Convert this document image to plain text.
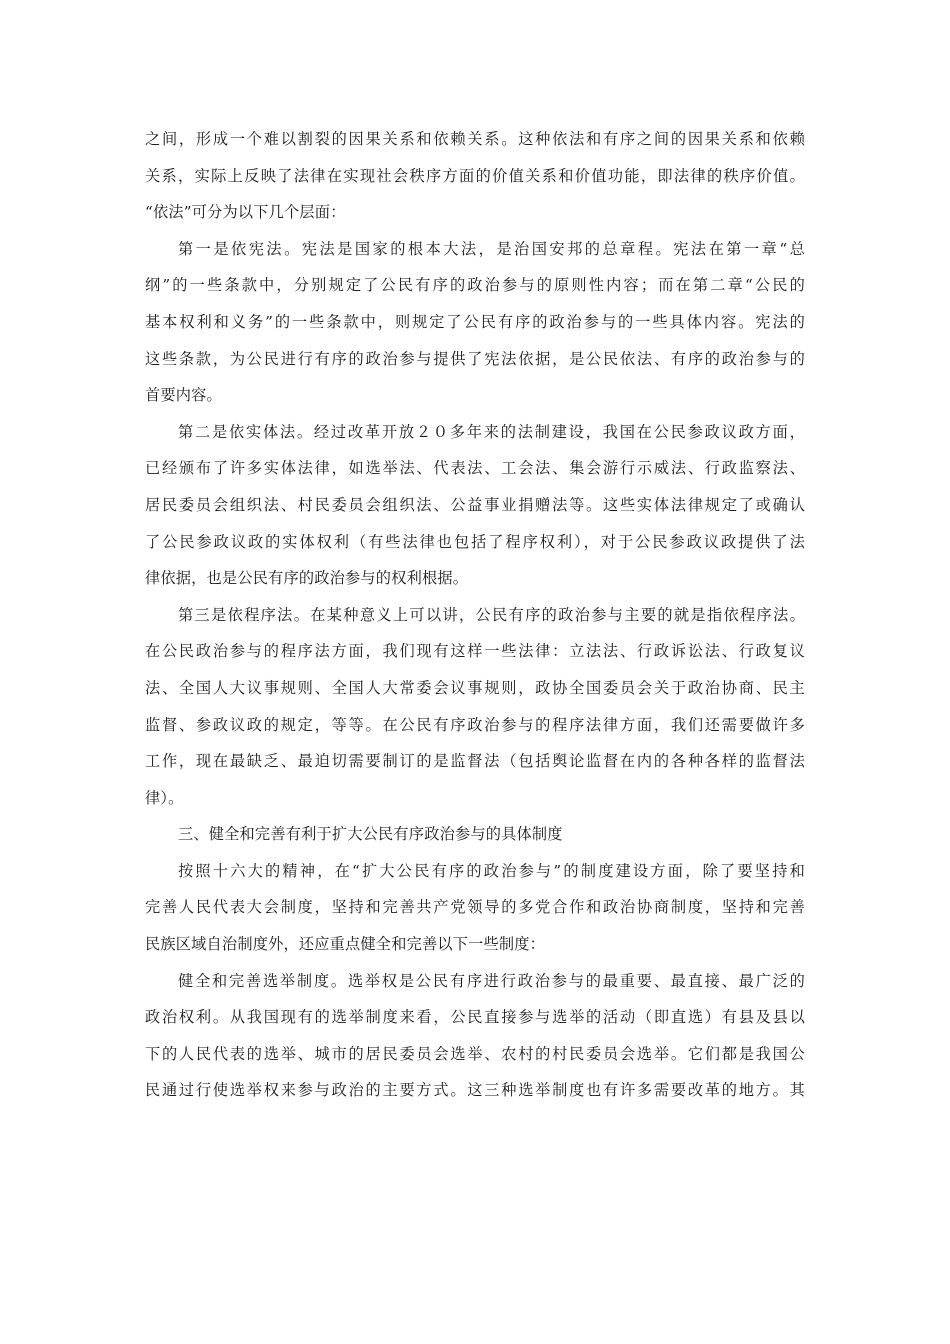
之间，形成一个难以割裂的因果关系和依赖关系。这种依法和有序之间的因果关系和依赖
关系，实际上反映了法律在实现社会秩序方面的价值关系和价值功能，即法律的秩序价值。
“依法”可分为以下几个层面：
第一是依宪法。宪法是国家的根本大法，是治国安邦的总章程。宪法在第一章“总
纲”的一些条款中，分别规定了公民有序的政治参与的原则性内容；而在第二章“公民的
基本权利和义务”的一些条款中，则规定了公民有序的政治参与的一些具体内容。宪法的
这些条款，为公民进行有序的政治参与提供了宪法依据，是公民依法、有序的政治参与的
首要内容。
第二是依实体法。经过改革开放２０多年来的法制建设，我国在公民参政议政方面，
已经颁布了许多实体法律，如选举法、代表法、工会法、集会游行示威法、行政监察法、
居民委员会组织法、村民委员会组织法、公益事业捐赠法等。这些实体法律规定了或确认
了公民参政议政的实体权利（有些法律也包括了程序权利），对于公民参政议政提供了法
律依据，也是公民有序的政治参与的权利根据。
第三是依程序法。在某种意义上可以讲，公民有序的政治参与主要的就是指依程序法。
在公民政治参与的程序法方面，我们现有这样一些法律：立法法、行政诉讼法、行政复议
法、全国人大议事规则、全国人大常委会议事规则，政协全国委员会关于政治协商、民主
监督、参政议政的规定，等等。在公民有序政治参与的程序法律方面，我们还需要做许多
工作，现在最缺乏、最迫切需要制订的是监督法（包括舆论监督在内的各种各样的监督法
律）。
三、健全和完善有利于扩大公民有序政治参与的具体制度
按照十六大的精神，在“扩大公民有序的政治参与”的制度建设方面，除了要坚持和
完善人民代表大会制度，坚持和完善共产党领导的多党合作和政治协商制度，坚持和完善
民族区域自治制度外，还应重点健全和完善以下一些制度：
健全和完善选举制度。选举权是公民有序进行政治参与的最重要、最直接、最广泛的
政治权利。从我国现有的选举制度来看，公民直接参与选举的活动（即直选）有县及县以
下的人民代表的选举、城市的居民委员会选举、农村的村民委员会选举。它们都是我国公
民通过行使选举权来参与政治的主要方式。这三种选举制度也有许多需要改革的地方。其
